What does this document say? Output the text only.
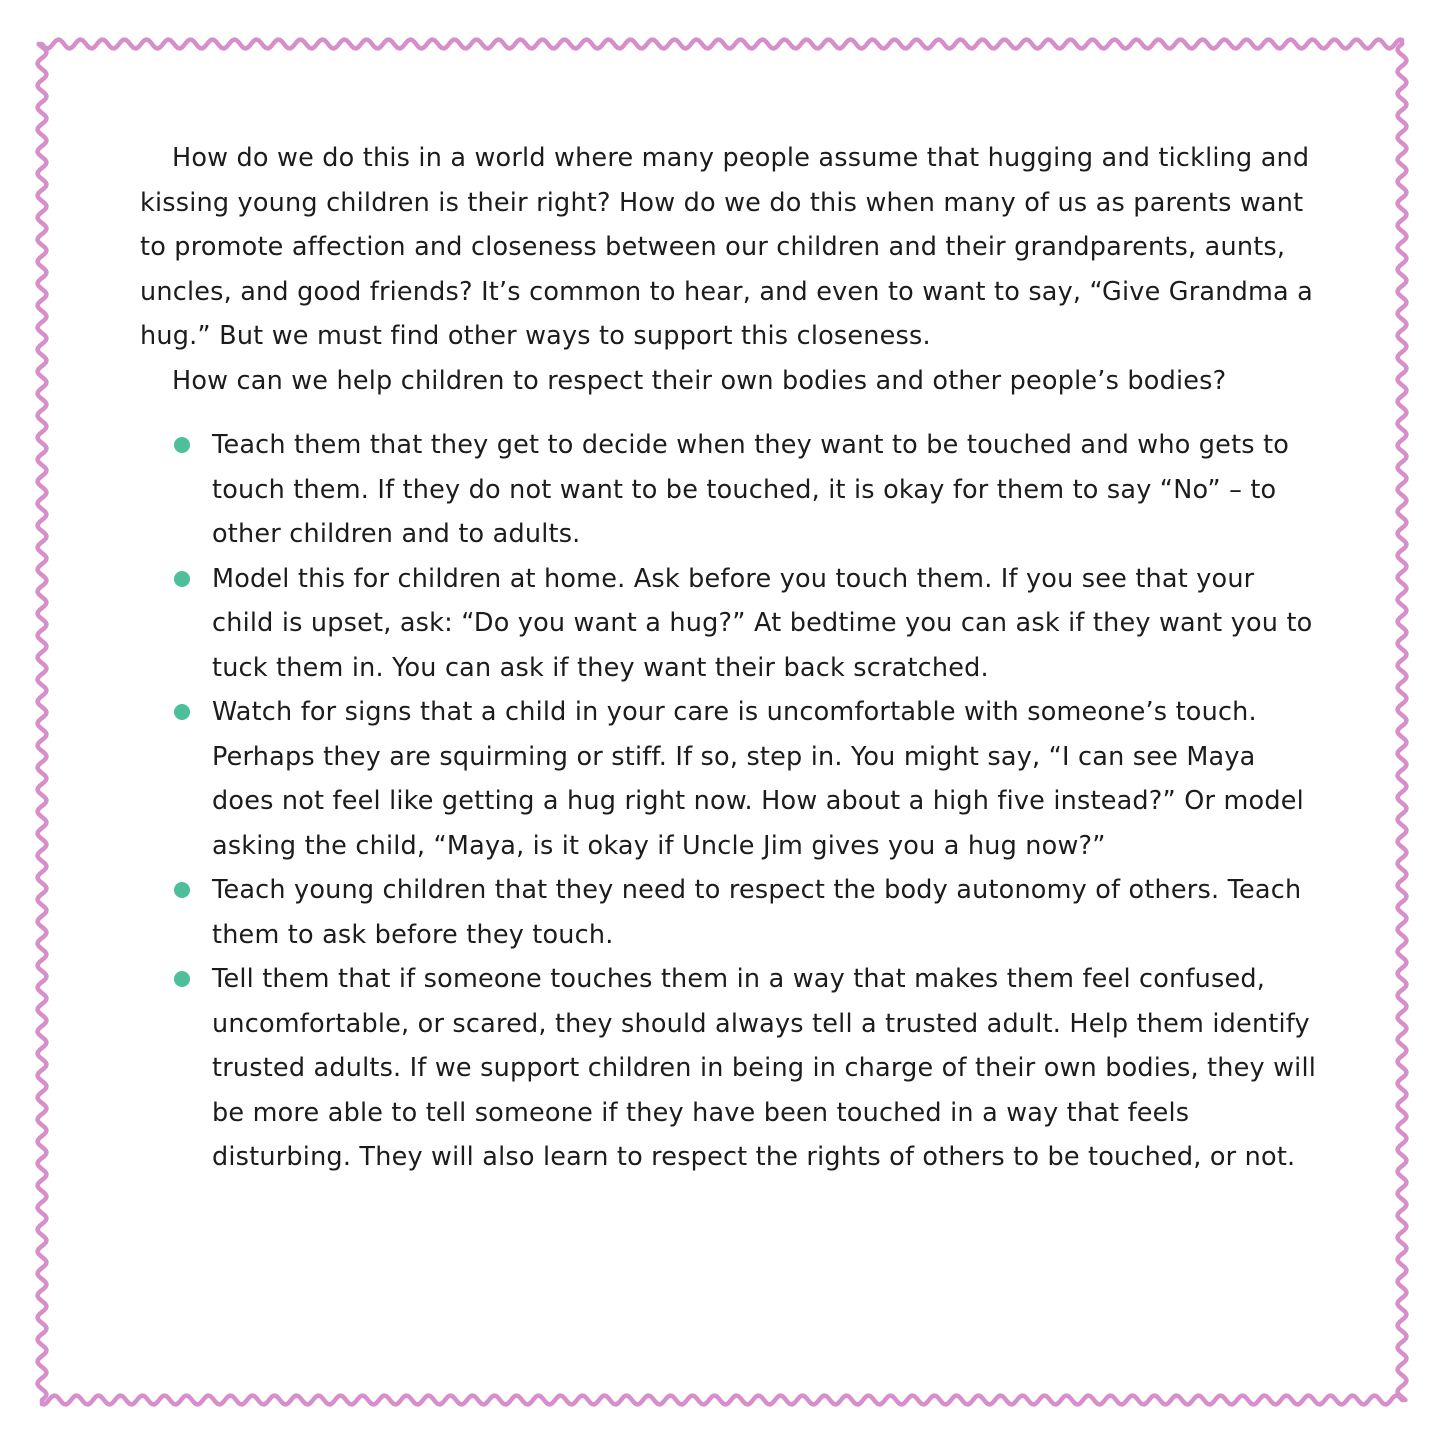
How do we do this in a world where many people assume that hugging and tickling and kissing young children is their right? How do we do this when many of us as parents want to promote affection and closeness between our children and their grandparents, aunts, uncles, and good friends? It’s common to hear, and even to want to say, “Give Grandma a hug.” But we must find other ways to support this closeness.

How can we help children to respect their own bodies and other people’s bodies?

Teach them that they get to decide when they want to be touched and who gets to touch them. If they do not want to be touched, it is okay for them to say “No” – to other children and to adults.
Model this for children at home. Ask before you touch them. If you see that your child is upset, ask: “Do you want a hug?” At bedtime you can ask if they want you to tuck them in. You can ask if they want their back scratched.
Watch for signs that a child in your care is uncomfortable with someone’s touch. Perhaps they are squirming or stiff. If so, step in. You might say, “I can see Maya does not feel like getting a hug right now. How about a high five instead?” Or model asking the child, “Maya, is it okay if Uncle Jim gives you a hug now?”
Teach young children that they need to respect the body autonomy of others. Teach them to ask before they touch.
Tell them that if someone touches them in a way that makes them feel confused, uncomfortable, or scared, they should always tell a trusted adult. Help them identify trusted adults. If we support children in being in charge of their own bodies, they will be more able to tell someone if they have been touched in a way that feels disturbing. They will also learn to respect the rights of others to be touched, or not.
